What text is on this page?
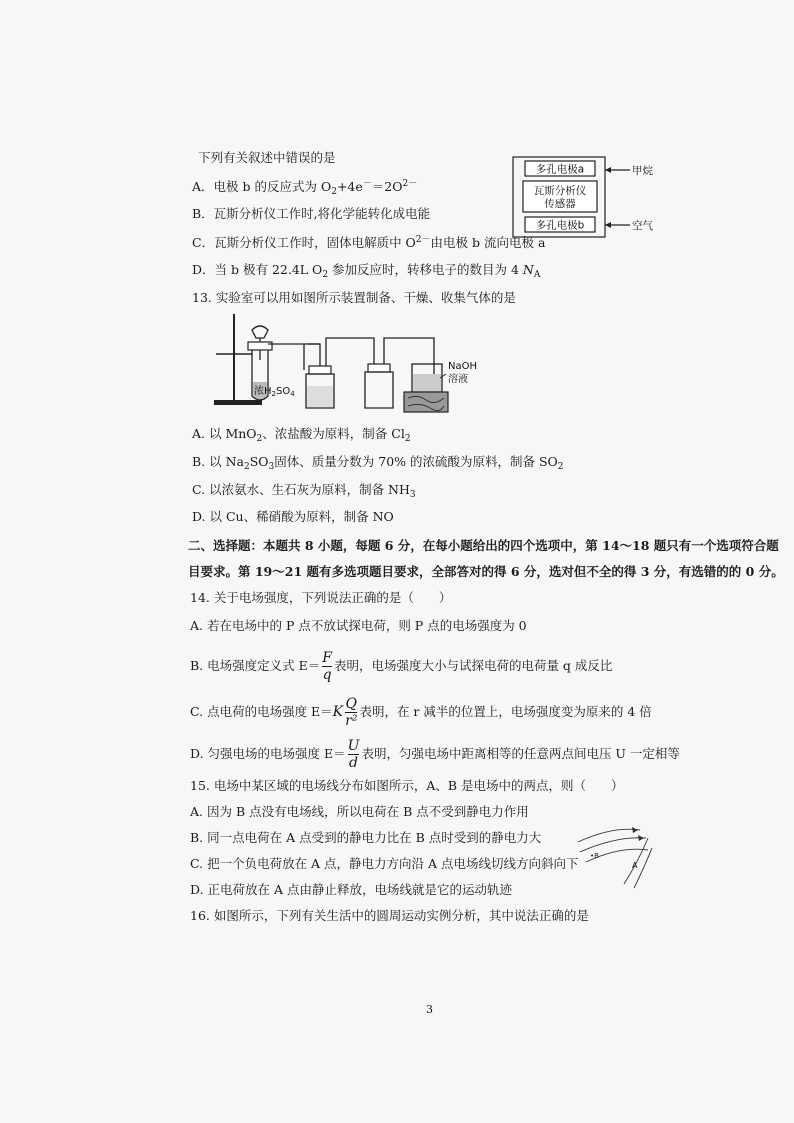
下列有关叙述中错误的是
A．电极 b 的反应式为 $O_2+4e^-=2O^{2-}$
B．瓦斯分析仪工作时,将化学能转化成电能
C．瓦斯分析仪工作时，固体电解质中 $O^{2-}$由电极 b 流向电极 a
D．当 b 极有 22.4L $O_2$ 参加反应时，转移电子的数目为 4 $N_A$
多孔电极a
瓦斯分析仪
传感器
多孔电极b
甲烷
空气
13. 实验室可以用如图所示装置制备、干燥、收集气体的是
浓$H_2SO_4$
NaOH
溶液
A. 以 MnO$_2$、浓盐酸为原料，制备 $Cl_2$
B. 以 $Na_2SO_3$固体、质量分数为 70% 的浓硫酸为原料，制备 $SO_2$
C. 以浓氨水、生石灰为原料，制备 $NH_3$
D. 以 Cu、稀硝酸为原料，制备 NO
二、选择题：本题共 8 小题，每题 6 分，在每小题给出的四个选项中，第 14～18 题只有一个选项符合题
目要求。第 19～21 题有多选项题目要求，全部答对的得 6 分，选对但不全的得 3 分，有选错的的 0 分。
14. 关于电场强度，下列说法正确的是（　　）
A. 若在电场中的 P 点不放试探电荷，则 P 点的电场强度为 0
B. 电场强度定义式 $E= \frac{F}{q}$ 表明，电场强度大小与试探电荷的电荷量 q 成反比
C. 点电荷的电场强度 E＝ K $\frac{Q}{\text{r²}}$ 表明，在 r 减半的位置上，电场强度变为原来的 4 倍
D. 匀强电场的电场强度 $E= \frac{U}{d}$ 表明，匀强电场中距离相等的任意两点间电压 U 一定相等
15. 电场中某区域的电场线分布如图所示，A、B 是电场中的两点，则（　　）
A. 因为 B 点没有电场线，所以电荷在 B 点不受到静电力作用
B. 同一点电荷在 A 点受到的静电力比在 B 点时受到的静电力大
C. 把一个负电荷放在 A 点，静电力方向沿 A 点电场线切线方向斜向下
D. 正电荷放在 A 点由静止释放，电场线就是它的运动轨迹
•B
A
16. 如图所示，下列有关生活中的圆周运动实例分析，其中说法正确的是
3
